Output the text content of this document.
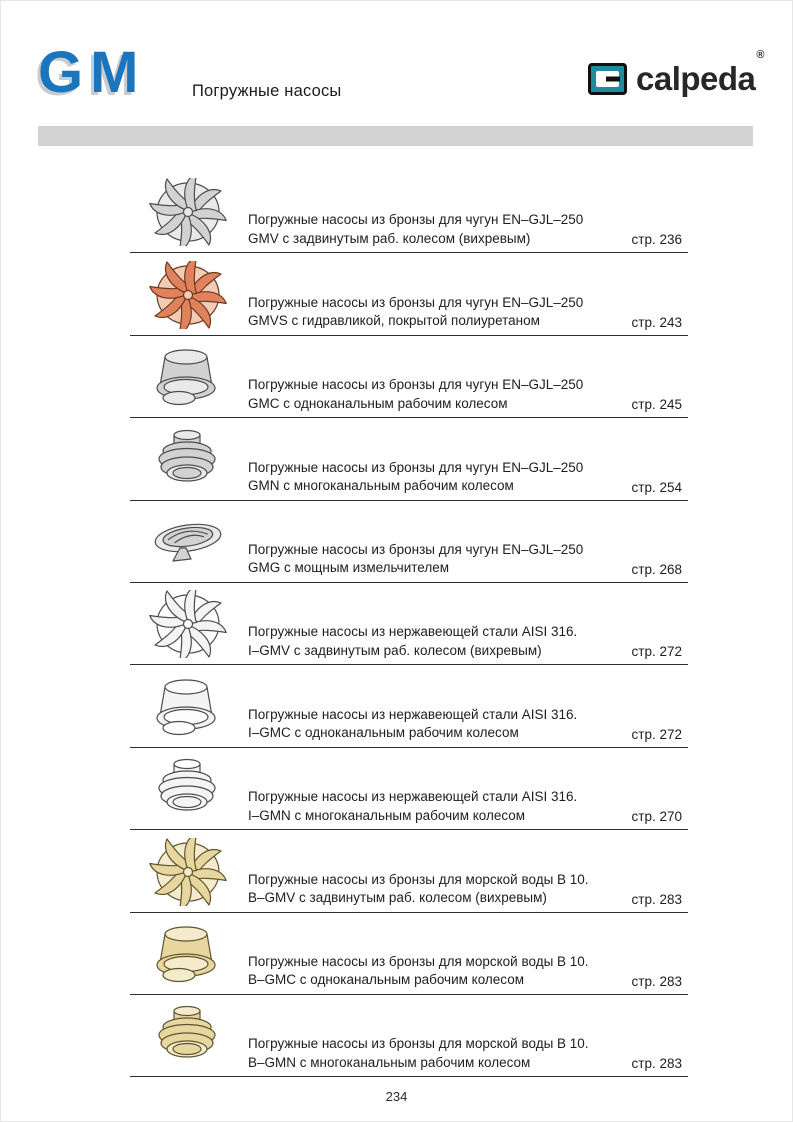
GM	Погружные насосы	calpeda®
Погружные насосы из бронзы для чугун EN–GJL–250
GMV с задвинутым раб. колесом (вихревым)	стр. 236
Погружные насосы из бронзы для чугун EN–GJL–250
GMVS с гидравликой, покрытой полиуретаном	стр. 243
Погружные насосы из бронзы для чугун EN–GJL–250
GMC с одноканальным рабочим колесом	стр. 245
Погружные насосы из бронзы для чугун EN–GJL–250
GMN с многоканальным рабочим колесом	стр. 254
Погружные насосы из бронзы для чугун EN–GJL–250
GMG с мощным измельчителем	стр. 268
Погружные насосы из нержавеющей стали AISI 316.
I–GMV с задвинутым раб. колесом (вихревым)	стр. 272
Погружные насосы из нержавеющей стали AISI 316.
I–GMC с одноканальным рабочим колесом	стр. 272
Погружные насосы из нержавеющей стали AISI 316.
I–GMN с многоканальным рабочим колесом	стр. 270
Погружные насосы из бронзы для морской воды B 10.
B–GMV с задвинутым раб. колесом (вихревым)	стр. 283
Погружные насосы из бронзы для морской воды B 10.
B–GMC с одноканальным рабочим колесом	стр. 283
Погружные насосы из бронзы для морской воды B 10.
B–GMN с многоканальным рабочим колесом	стр. 283
234
